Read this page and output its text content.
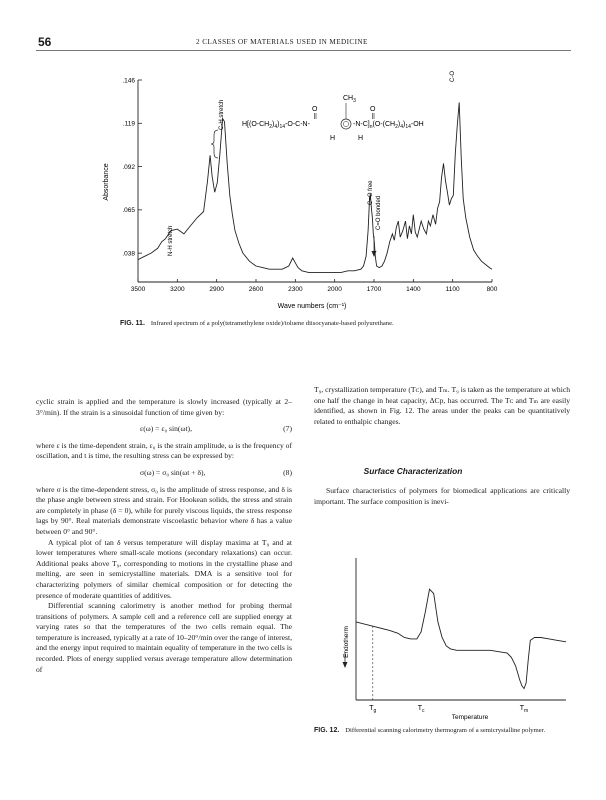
56	2 CLASSES OF MATERIALS USED IN MEDICINE
.038
.065
.092
.119
.146
3500	3200	2900	2600	2300	2000	1700	1400	1100	800
Absorbance
Wave numbers (cm⁻¹)
N-H stretch
C-H stretch
C=O free
C=O bonded
C-O
$H[(O-CH_2)_4)_{14}-O-C-N-$	$-N-C]_n(O-(CH_2)_4)_{14}-OH$
$CH_3$
O	O
H	H
$T_g$	$T_c$	$T_m$
Temperature
Endotherm
FIG. 11. Infrared spectrum of a poly(tetramethylene oxide)/toluene diisocyanate-based polyurethane.

cyclic strain is applied and the temperature is slowly increased (typically at 2–3°/min). If the strain is a sinusoidal function of time given by:

ε(ω) = ε₀ sin(ωt),	(7)

where ε is the time-dependent strain, ε₀ is the strain amplitude, ω is the frequency of oscillation, and t is time, the resulting stress can be expressed by:

σ(ω) = σ₀ sin(ωt + δ),	(8)

where σ is the time-dependent stress, σ₀ is the amplitude of stress response, and δ is the phase angle between stress and strain. For Hookean solids, the stress and strain are completely in phase (δ = 0), while for purely viscous liquids, the stress response lags by 90°. Real materials demonstrate viscoelastic behavior where δ has a value between 0° and 90°.

A typical plot of tan δ versus temperature will display maxima at T₉ and at lower temperatures where small-scale motions (secondary relaxations) can occur. Additional peaks above T₉, corresponding to motions in the crystalline phase and melting, are seen in semicrystalline materials. DMA is a sensitive tool for characterizing polymers of similar chemical composition or for detecting the presence of moderate quantities of additives.

Differential scanning calorimetry is another method for probing thermal transitions of polymers. A sample cell and a reference cell are supplied energy at varying rates so that the temperatures of the two cells remain equal. The temperature is increased, typically at a rate of 10–20°/min over the range of interest, and the energy input required to maintain equality of temperature in the two cells is recorded. Plots of energy supplied versus average temperature allow determination of

T₉, crystallization temperature (Tᴄ), and Tₘ. T₉ is taken as the temperature at which one half the change in heat capacity, ΔCp, has occurred. The Tᴄ and Tₘ are easily identified, as shown in Fig. 12. The areas under the peaks can be quantitatively related to enthalpic changes.

Surface Characterization

Surface characteristics of polymers for biomedical applications are critically important. The surface composition is inevi-

FIG. 12. Differential scanning calorimetry thermogram of a semicrystalline polymer.
